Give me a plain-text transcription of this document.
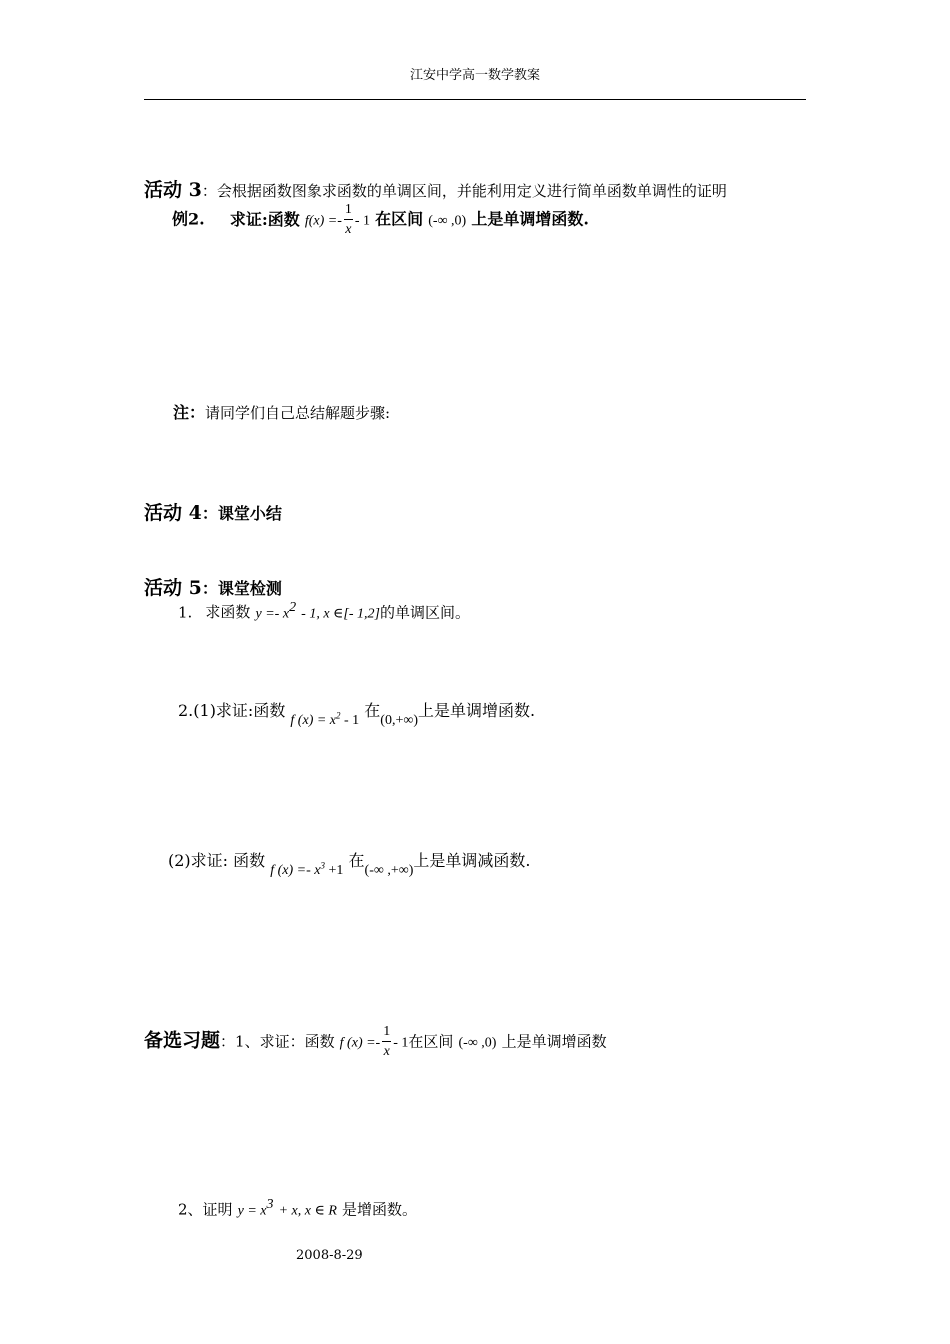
江安中学高一数学教案
活动 3：会根据函数图象求函数的单调区间，并能利用定义进行简单函数单调性的证明
例2. 求证:函数 $f(x) =- \frac{1}{x} - 1$ 在区间 (-∞ ,0) 上是单调增函数.
注：请同学们自己总结解题步骤:
活动 4：课堂小结
活动 5：课堂检测
1. 求函数 $y =- x^2 - 1$, x ∈[- 1,2]的单调区间。
2.(1)求证:函数 f $(x) = x^2 - 1$ 在(0,+∞)上是单调增函数.
(2)求证: 函数 f $(x) =- x^3 +1$ 在(-∞ ,+∞)上是单调减函数.
备选习题：1、求证：函数 f $(x) =- \frac{1}{x} - 1$在区间 (-∞ ,0) 上是单调增函数
2、证明 $y = x^3 + x$, x ∈ R 是增函数。
2008-8-29
